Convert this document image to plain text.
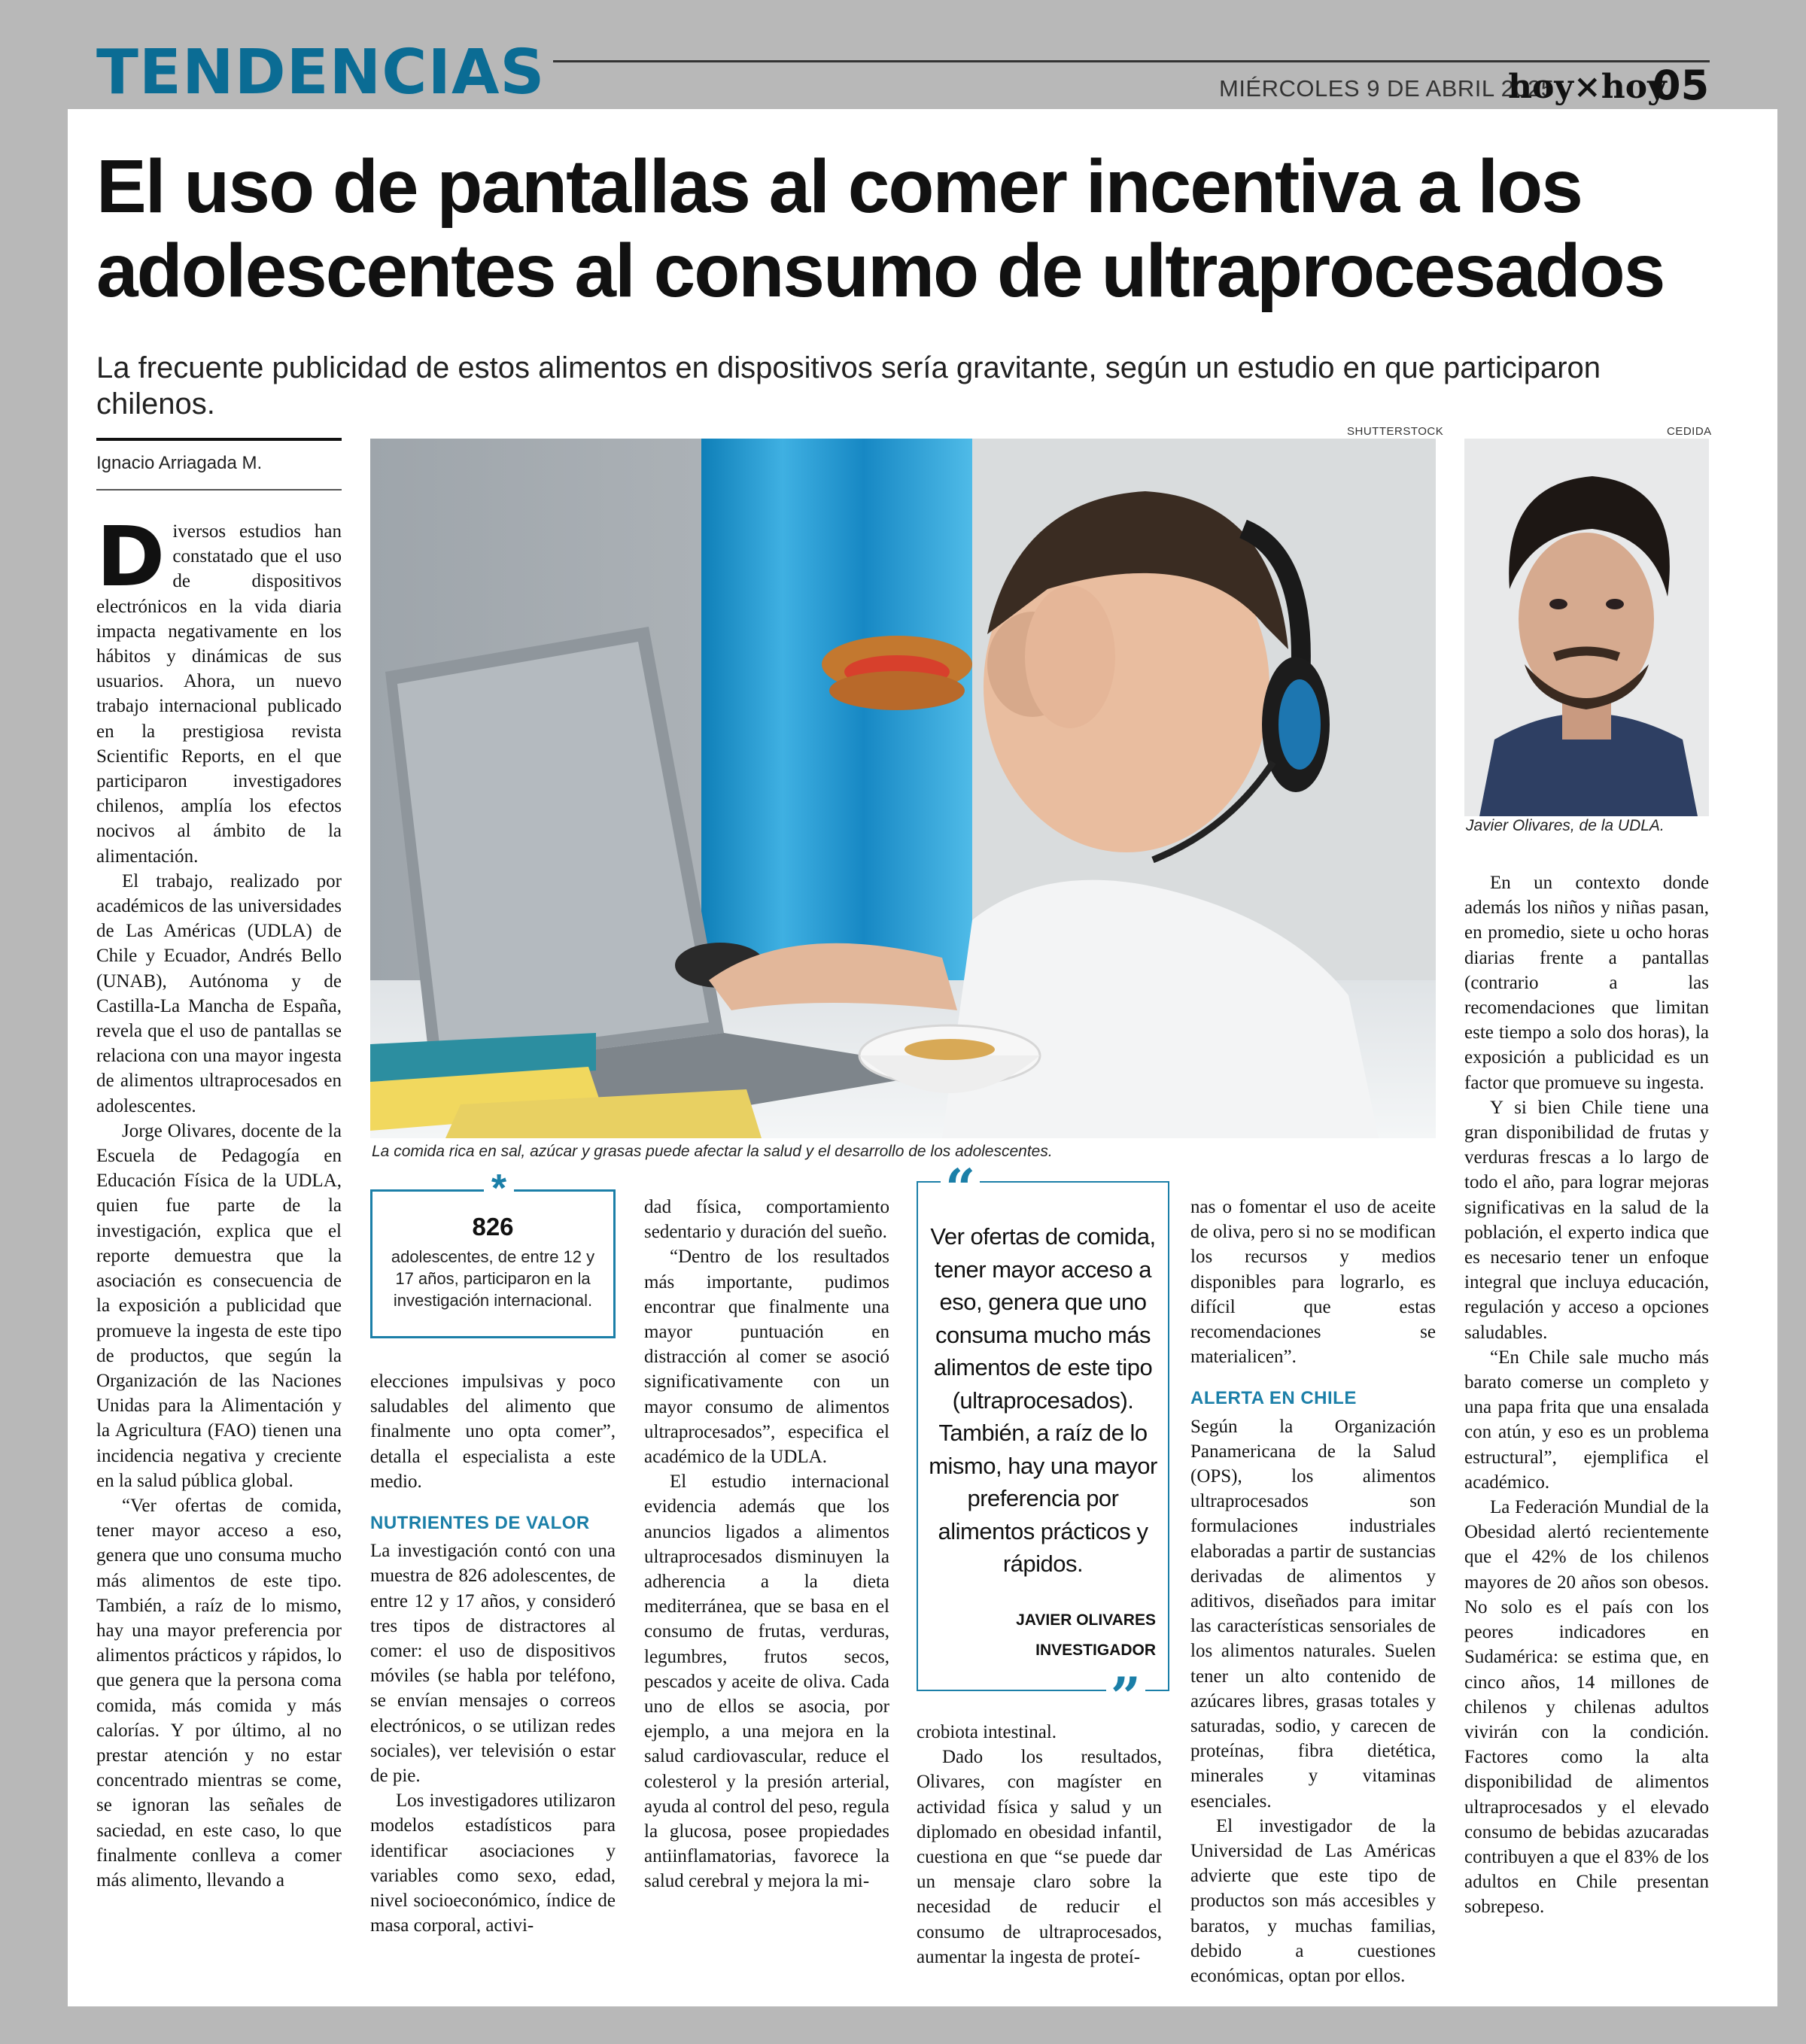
TENDENCIAS	MIÉRCOLES 9 DE ABRIL 2025
hoy×hoy
05
El uso de pantallas al comer incentiva a los adolescentes al consumo de ultraprocesados
La frecuente publicidad de estos alimentos en dispositivos sería gravitante, según un estudio en que participaron chilenos.
Ignacio Arriagada M.

Diversos estudios han constatado que el uso de dispositivos electrónicos en la vida diaria impacta negativamente en los hábitos y dinámicas de sus usuarios. Ahora, un nuevo trabajo internacional publicado en la prestigiosa revista Scientific Reports, en el que participaron investigadores chilenos, amplía los efectos nocivos al ámbito de la alimentación.

El trabajo, realizado por académicos de las universidades de Las Américas (UDLA) de Chile y Ecuador, Andrés Bello (UNAB), Autónoma y de Castilla-La Mancha de España, revela que el uso de pantallas se relaciona con una mayor ingesta de alimentos ultraprocesados en adolescentes.

Jorge Olivares, docente de la Escuela de Pedagogía en Educación Física de la UDLA, quien fue parte de la investigación, explica que el reporte demuestra que la asociación es consecuencia de la exposición a publicidad que promueve la ingesta de este tipo de productos, que según la Organización de las Naciones Unidas para la Alimentación y la Agricultura (FAO) tienen una incidencia negativa y creciente en la salud pública global.

“Ver ofertas de comida, tener mayor acceso a eso, genera que uno consuma mucho más alimentos de este tipo. También, a raíz de lo mismo, hay una mayor preferencia por alimentos prácticos y rápidos, lo que genera que la persona coma comida, más comida y más calorías. Y por último, al no prestar atención y no estar concentrado mientras se come, se ignoran las señales de saciedad, en este caso, lo que finalmente conlleva a comer más alimento, llevando a

SHUTTERSTOCK
La comida rica en sal, azúcar y grasas puede afectar la salud y el desarrollo de los adolescentes.
CEDIDA
Javier Olivares, de la UDLA.
*
826
adolescentes, de entre 12 y 17 años, participaron en la investigación internacional.

elecciones impulsivas y poco saludables del alimento que finalmente uno opta comer”, detalla el especialista a este medio.

NUTRIENTES DE VALOR

La investigación contó con una muestra de 826 adolescentes, de entre 12 y 17 años, y consideró tres tipos de distractores al comer: el uso de dispositivos móviles (se habla por teléfono, se envían mensajes o correos electrónicos, o se utilizan redes sociales), ver televisión o estar de pie.

Los investigadores utilizaron modelos estadísticos para identificar asociaciones y variables como sexo, edad, nivel socioeconómico, índice de masa corporal, activi-

dad física, comportamiento sedentario y duración del sueño.

“Dentro de los resultados más importante, pudimos encontrar que finalmente una mayor puntuación en distracción al comer se asoció significativamente con un mayor consumo de alimentos ultraprocesados”, especifica el académico de la UDLA.

El estudio internacional evidencia además que los anuncios ligados a alimentos ultraprocesados disminuyen la adherencia a la dieta mediterránea, que se basa en el consumo de frutas, verduras, legumbres, frutos secos, pescados y aceite de oliva. Cada uno de ellos se asocia, por ejemplo, a una mejora en la salud cardiovascular, reduce el colesterol y la presión arterial, ayuda al control del peso, regula la glucosa, posee propiedades antiinflamatorias, favorece la salud cerebral y mejora la mi-

“
Ver ofertas de comida, tener mayor acceso a eso, genera que uno consuma mucho más alimentos de este tipo (ultraprocesados). También, a raíz de lo mismo, hay una mayor preferencia por alimentos prácticos y rápidos.
JAVIER OLIVARES
INVESTIGADOR
”

crobiota intestinal.

Dado los resultados, Olivares, con magíster en actividad física y salud y un diplomado en obesidad infantil, cuestiona en que “se puede dar un mensaje claro sobre la necesidad de reducir el consumo de ultraprocesados, aumentar la ingesta de proteí-

nas o fomentar el uso de aceite de oliva, pero si no se modifican los recursos y medios disponibles para lograrlo, es difícil que estas recomendaciones se materialicen”.

ALERTA EN CHILE

Según la Organización Panamericana de la Salud (OPS), los alimentos ultraprocesados son formulaciones industriales elaboradas a partir de sustancias derivadas de alimentos y aditivos, diseñados para imitar las características sensoriales de los alimentos naturales. Suelen tener un alto contenido de azúcares libres, grasas totales y saturadas, sodio, y carecen de proteínas, fibra dietética, minerales y vitaminas esenciales.

El investigador de la Universidad de Las Américas advierte que este tipo de productos son más accesibles y baratos, y muchas familias, debido a cuestiones económicas, optan por ellos.

En un contexto donde además los niños y niñas pasan, en promedio, siete u ocho horas diarias frente a pantallas (contrario a las recomendaciones que limitan este tiempo a solo dos horas), la exposición a publicidad es un factor que promueve su ingesta.

Y si bien Chile tiene una gran disponibilidad de frutas y verduras frescas a lo largo de todo el año, para lograr mejoras significativas en la salud de la población, el experto indica que es necesario tener un enfoque integral que incluya educación, regulación y acceso a opciones saludables.

“En Chile sale mucho más barato comerse un completo y una papa frita que una ensalada con atún, y eso es un problema estructural”, ejemplifica el académico.

La Federación Mundial de la Obesidad alertó recientemente que el 42% de los chilenos mayores de 20 años son obesos. No solo es el país con los peores indicadores en Sudamérica: se estima que, en cinco años, 14 millones de chilenos y chilenas adultos vivirán con la condición. Factores como la alta disponibilidad de alimentos ultraprocesados y el elevado consumo de bebidas azucaradas contribuyen a que el 83% de los adultos en Chile presentan sobrepeso.
